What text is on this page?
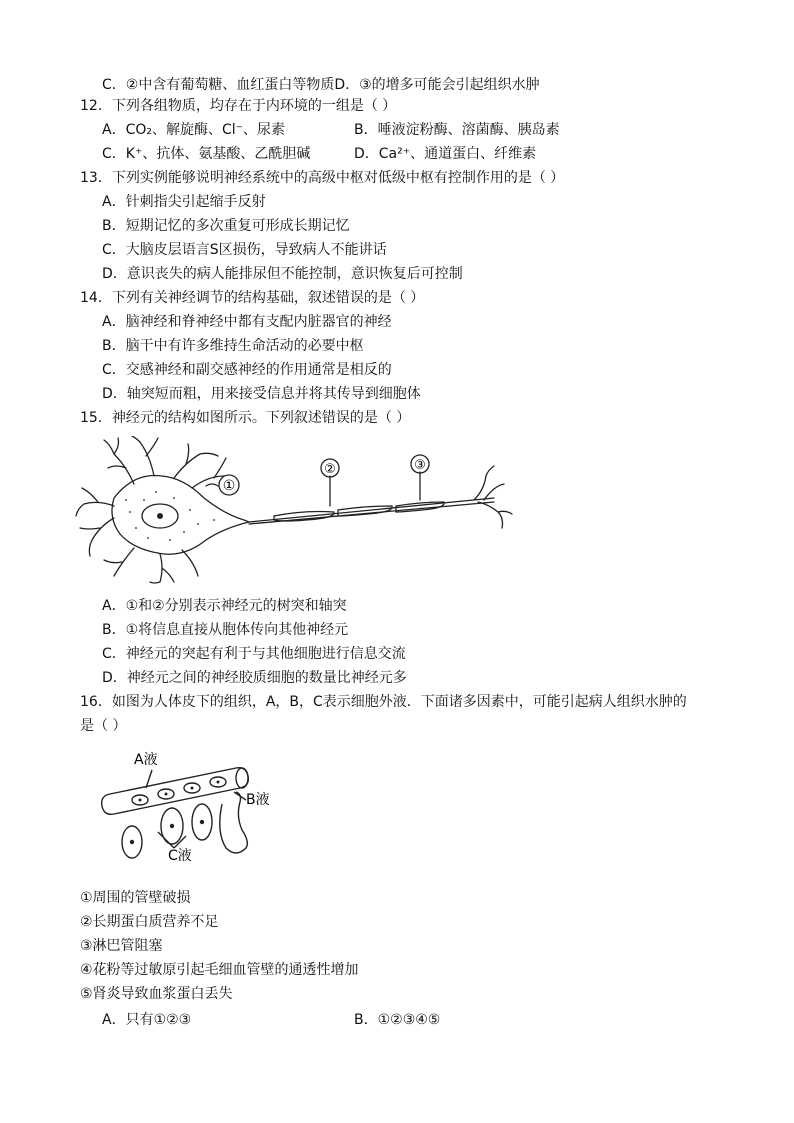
C．②中含有葡萄糖、血红蛋白等物质D．③的增多可能会引起组织水肿
12．下列各组物质，均存在于内环境的一组是（ ）
A．CO₂、解旋酶、Cl⁻、尿素	B．唾液淀粉酶、溶菌酶、胰岛素
C．K⁺、抗体、氨基酸、乙酰胆碱	D．Ca²⁺、通道蛋白、纤维素
13．下列实例能够说明神经系统中的高级中枢对低级中枢有控制作用的是（ ）
A．针刺指尖引起缩手反射
B．短期记忆的多次重复可形成长期记忆
C．大脑皮层语言S区损伤，导致病人不能讲话
D．意识丧失的病人能排尿但不能控制，意识恢复后可控制
14．下列有关神经调节的结构基础，叙述错误的是（ ）
A．脑神经和脊神经中都有支配内脏器官的神经
B．脑干中有许多维持生命活动的必要中枢
C．交感神经和副交感神经的作用通常是相反的
D．轴突短而粗，用来接受信息并将其传导到细胞体
15．神经元的结构如图所示。下列叙述错误的是（ ）
①
②	③
A．①和②分别表示神经元的树突和轴突
B．①将信息直接从胞体传向其他神经元
C．神经元的突起有利于与其他细胞进行信息交流
D．神经元之间的神经胶质细胞的数量比神经元多
16．如图为人体皮下的组织，A，B，C表示细胞外液．下面诸多因素中，可能引起病人组织水肿的
是（ ）
A液
B液
C液
①周围的管壁破损
②长期蛋白质营养不足
③淋巴管阻塞
④花粉等过敏原引起毛细血管壁的通透性增加
⑤肾炎导致血浆蛋白丢失
A．只有①②③	B．①②③④⑤
